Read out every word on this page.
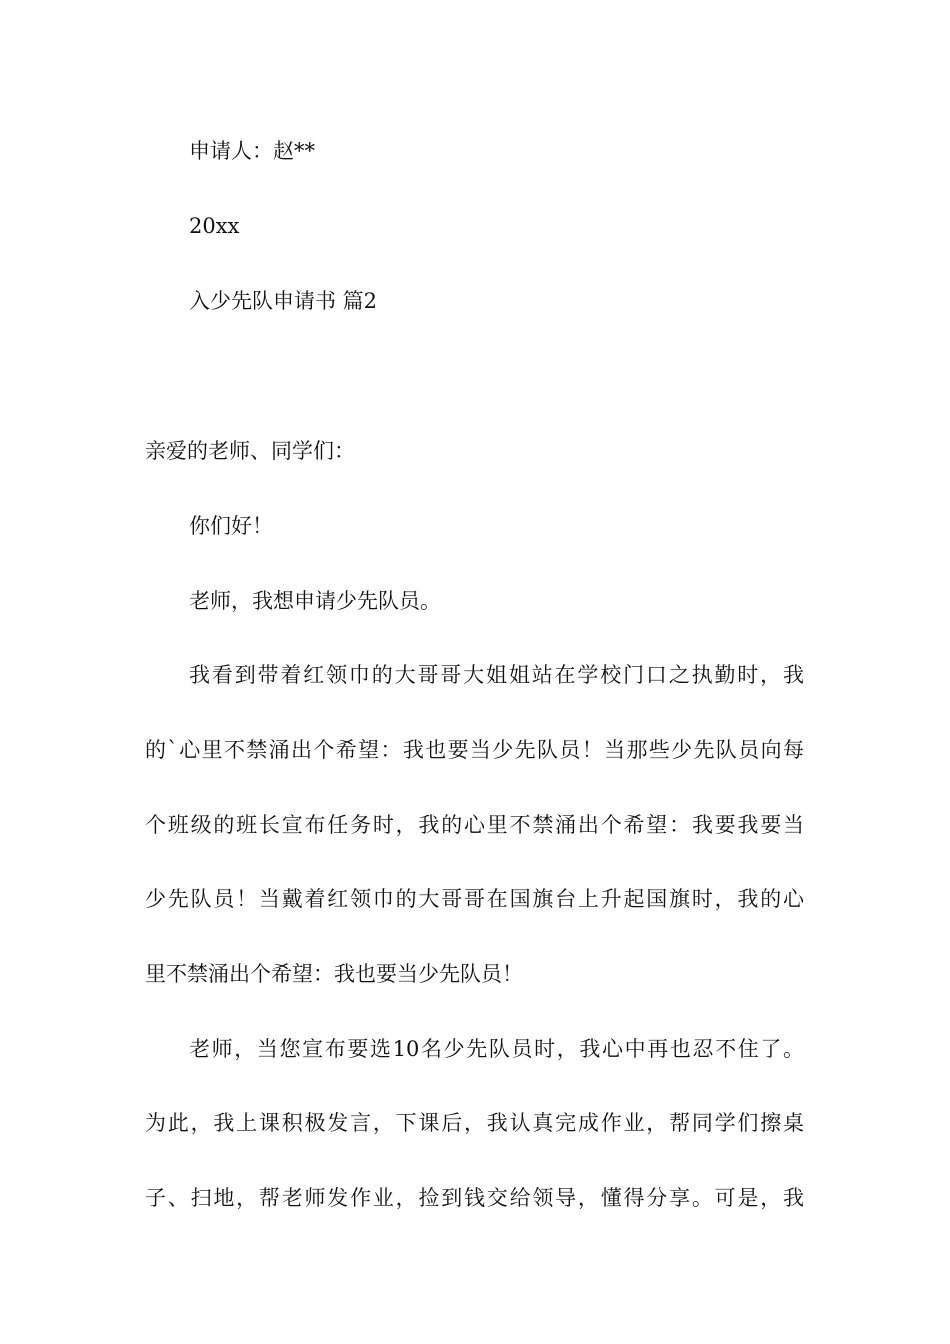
申请人：赵**
20xx
入少先队申请书 篇2
亲爱的老师、同学们：
你们好！
老师，我想申请少先队员。
我看到带着红领巾的大哥哥大姐姐站在学校门口之执勤时，我
的`心里不禁涌出个希望：我也要当少先队员！当那些少先队员向每
个班级的班长宣布任务时，我的心里不禁涌出个希望：我要我要当
少先队员！当戴着红领巾的大哥哥在国旗台上升起国旗时，我的心
里不禁涌出个希望：我也要当少先队员！
老师，当您宣布要选10名少先队员时，我心中再也忍不住了。
为此，我上课积极发言，下课后，我认真完成作业，帮同学们擦桌
子、扫地，帮老师发作业，捡到钱交给领导，懂得分享。可是，我
